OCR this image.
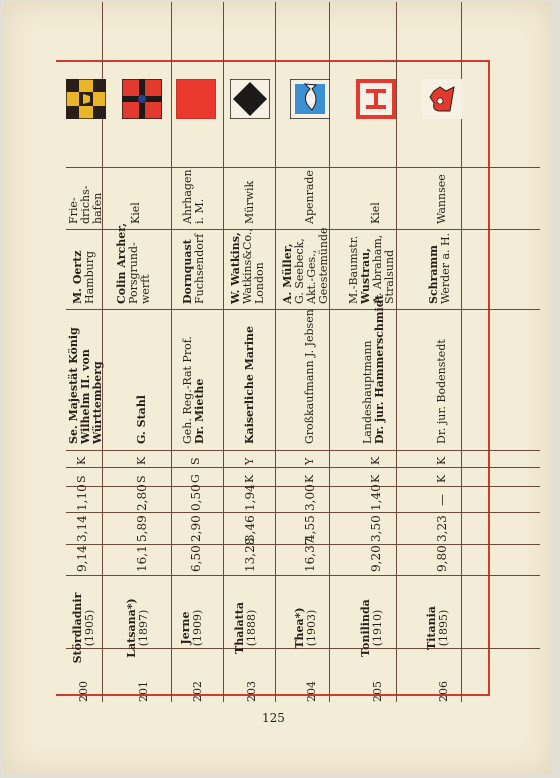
200
Stördladnir (1905)
9,14
3,14
1,10
S
K
Se. Majestät König Wilhelm II. von Württemberg
M. Oertz Hamburg
Frie- drichs- hafen
201
Latsana*) (1897)
16,1
5,89
2,80
S
K
G. Stahl
Colin Archer, Porsgrund- werft
Kiel
202
Jerne (1909)
6,50
2,90
0,50
G
S
Geh. Reg.-Rat Prof. Dr. Miethe
Dornquast Fuchsendorf
Ahrhagen i. M.
203
Thalatta (1888)
13,28
3,46
1,94
K
Y
Kaiserliche Marine
W. Watkins, Watkins&Co., London
Mürwik
204
Thea*) (1903)
16,37
4,55
3,00
K
Y
Großkaufmann J. Jebsen
A. Müller, G. Seebeck, Akt.-Ges., Geestemünde
Apenrade
205
Tonilinda (1910)
9,20
3,50
1,40
K
K
Landeshauptmann Dr. jur. Hammerschmidt
M.-Baumstr. Wustrau, A. Abraham, Stralsund
Kiel
206
Titania (1895)
9,80
3,23
—
K
K
Dr. jur. Bodenstedt
Schramm Werder a. H.
Wannsee
125
